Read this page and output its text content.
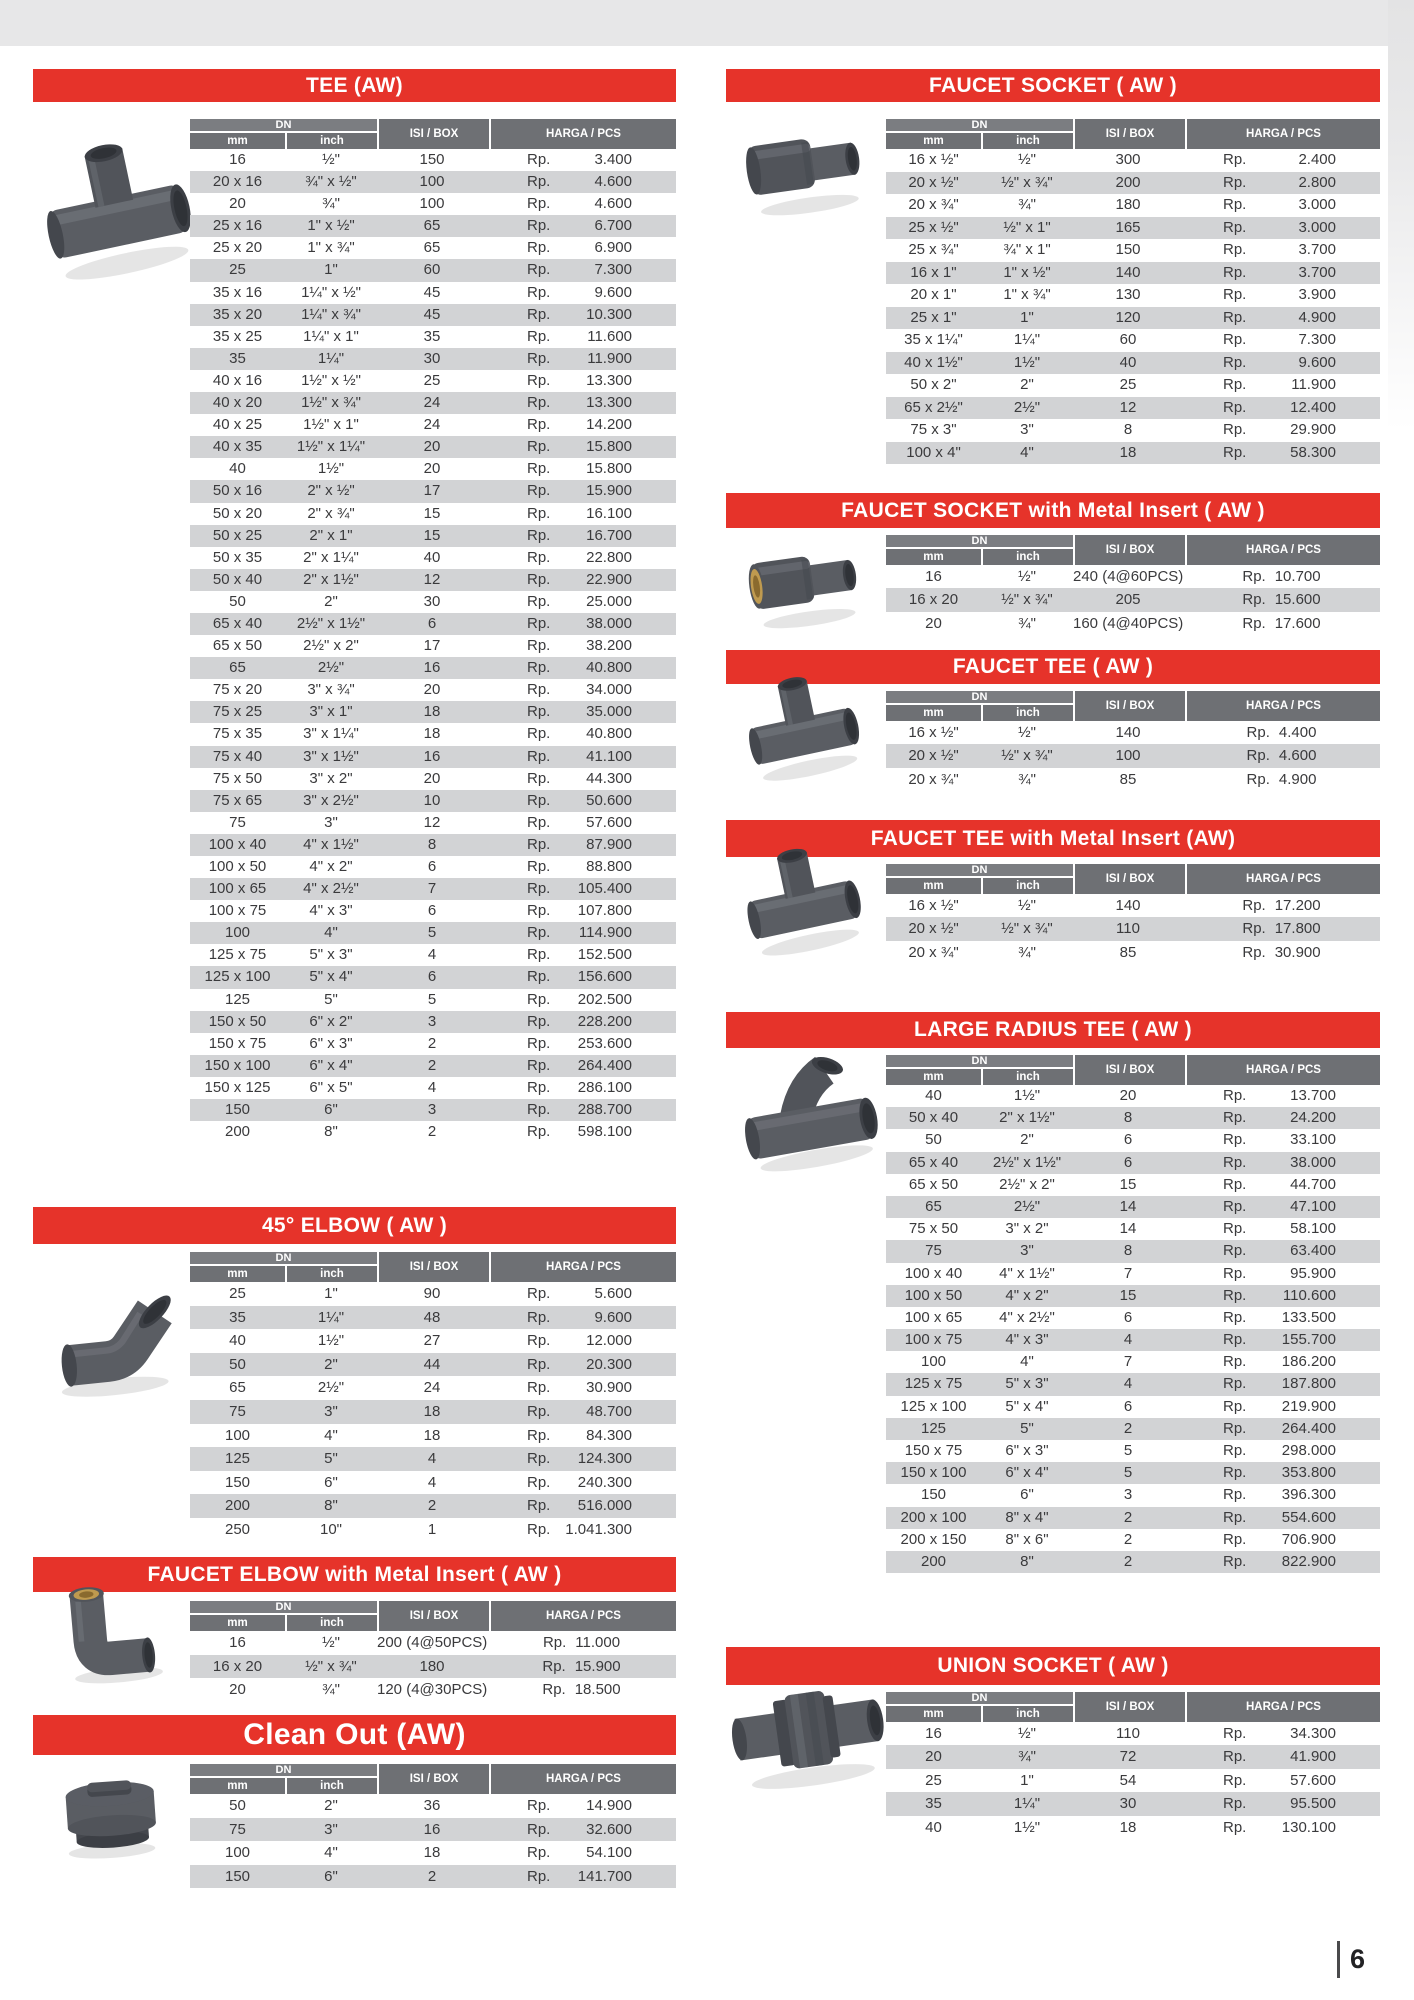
TEE (AW)
DN
mm	inch
ISI / BOX	HARGA / PCS
16	½"	150	Rp.	3.400
20 x 16	¾" x ½"	100	Rp.	4.600
20	¾"	100	Rp.	4.600
25 x 16	1" x ½"	65	Rp.	6.700
25 x 20	1" x ¾"	65	Rp.	6.900
25	1"	60	Rp.	7.300
35 x 16	1¼" x ½"	45	Rp.	9.600
35 x 20	1¼" x ¾"	45	Rp. 10.300
35 x 25	1¼" x 1"	35	Rp. 11.600
35	1¼"	30	Rp. 11.900
40 x 16	1½" x ½"	25	Rp. 13.300
40 x 20	1½" x ¾"	24	Rp. 13.300
40 x 25	1½" x 1"	24	Rp. 14.200
40 x 35	1½" x 1¼"	20	Rp. 15.800
40	1½"	20	Rp. 15.800
50 x 16	2" x ½"	17	Rp. 15.900
50 x 20	2" x ¾"	15	Rp. 16.100
50 x 25	2" x 1"	15	Rp. 16.700
50 x 35	2" x 1¼"	40	Rp. 22.800
50 x 40	2" x 1½"	12	Rp. 22.900
50	2"	30	Rp. 25.000
65 x 40	2½" x 1½"	6	Rp. 38.000
65 x 50	2½" x 2"	17	Rp. 38.200
65	2½"	16	Rp. 40.800
75 x 20	3" x ¾"	20	Rp. 34.000
75 x 25	3" x 1"	18	Rp. 35.000
75 x 35	3" x 1¼"	18	Rp. 40.800
75 x 40	3" x 1½"	16	Rp. 41.100
75 x 50	3" x 2"	20	Rp. 44.300
75 x 65	3" x 2½"	10	Rp. 50.600
75	3"	12	Rp. 57.600
100 x 40	4" x 1½"	8	Rp. 87.900
100 x 50	4" x 2"	6	Rp. 88.800
100 x 65	4" x 2½"	7	Rp. 105.400
100 x 75	4" x 3"	6	Rp. 107.800
100	4"	5	Rp. 114.900
125 x 75	5" x 3"	4	Rp. 152.500
125 x 100	5" x 4"	6	Rp. 156.600
125	5"	5	Rp. 202.500
150 x 50	6" x 2"	3	Rp. 228.200
150 x 75	6" x 3"	2	Rp. 253.600
150 x 100	6" x 4"	2	Rp. 264.400
150 x 125	6" x 5"	4	Rp. 286.100
150	6"	3	Rp. 288.700
200	8"	2	Rp. 598.100
45° ELBOW ( AW )
DN
mm	inch
ISI / BOX	HARGA / PCS
25	1"	90	Rp.	5.600
35	1¼"	48	Rp.	9.600
40	1½"	27	Rp. 12.000
50	2"	44	Rp. 20.300
65	2½"	24	Rp. 30.900
75	3"	18	Rp. 48.700
100	4"	18	Rp. 84.300
125	5"	4	Rp. 124.300
150	6"	4	Rp. 240.300
200	8"	2	Rp. 516.000
250	10"	1	Rp. 1.041.300
FAUCET ELBOW with Metal Insert ( AW )
DN
mm	inch
ISI / BOX	HARGA / PCS
16	½"	200 (4@50PCS)	Rp. 11.000
16 x 20	½" x ¾"	180	Rp. 15.900
20	¾"	120 (4@30PCS)	Rp. 18.500
Clean Out (AW)
DN
mm	inch
ISI / BOX	HARGA / PCS
50	2"	36	Rp. 14.900
75	3"	16	Rp. 32.600
100	4"	18	Rp. 54.100
150	6"	2	Rp. 141.700
FAUCET SOCKET ( AW )
DN
mm	inch
ISI / BOX	HARGA / PCS
16 x ½"	½"	300	Rp.	2.400
20 x ½"	½" x ¾"	200	Rp.	2.800
20 x ¾"	¾"	180	Rp.	3.000
25 x ½"	½" x 1"	165	Rp.	3.000
25 x ¾"	¾" x 1"	150	Rp.	3.700
16 x 1"	1" x ½"	140	Rp.	3.700
20 x 1"	1" x ¾"	130	Rp.	3.900
25 x 1"	1"	120	Rp.	4.900
35 x 1¼"	1¼"	60	Rp.	7.300
40 x 1½"	1½"	40	Rp.	9.600
50 x 2"	2"	25	Rp.	11.900
65 x 2½"	2½"	12	Rp.	12.400
75 x 3"	3"	8	Rp.	29.900
100 x 4"	4"	18	Rp.	58.300
FAUCET SOCKET with Metal Insert ( AW )
DN
mm	inch
ISI / BOX	HARGA / PCS
16	½"	240 (4@60PCS)	Rp. 10.700
16 x 20	½" x ¾"	205	Rp. 15.600
20	¾"	160 (4@40PCS)	Rp. 17.600
FAUCET TEE ( AW )
DN
mm	inch
ISI / BOX	HARGA / PCS
16 x ½"	½"	140	Rp. 4.400
20 x ½"	½" x ¾"	100	Rp. 4.600
20 x ¾"	¾"	85	Rp. 4.900
FAUCET TEE with Metal Insert (AW)
DN
mm	inch
ISI / BOX	HARGA / PCS
16 x ½"	½"	140	Rp. 17.200
20 x ½"	½" x ¾"	110	Rp. 17.800
20 x ¾"	¾"	85	Rp. 30.900
LARGE RADIUS TEE ( AW )
DN
mm	inch
ISI / BOX	HARGA / PCS
40	1½"	20	Rp.	13.700
50 x 40	2" x 1½"	8	Rp.	24.200
50	2"	6	Rp.	33.100
65 x 40	2½" x 1½"	6	Rp.	38.000
65 x 50	2½" x 2"	15	Rp.	44.700
65	2½"	14	Rp.	47.100
75 x 50	3" x 2"	14	Rp.	58.100
75	3"	8	Rp.	63.400
100 x 40	4" x 1½"	7	Rp.	95.900
100 x 50	4" x 2"	15	Rp. 110.600
100 x 65	4" x 2½"	6	Rp. 133.500
100 x 75	4" x 3"	4	Rp. 155.700
100	4"	7	Rp. 186.200
125 x 75	5" x 3"	4	Rp. 187.800
125 x 100	5" x 4"	6	Rp. 219.900
125	5"	2	Rp. 264.400
150 x 75	6" x 3"	5	Rp. 298.000
150 x 100	6" x 4"	5	Rp. 353.800
150	6"	3	Rp. 396.300
200 x 100	8" x 4"	2	Rp. 554.600
200 x 150	8" x 6"	2	Rp. 706.900
200	8"	2	Rp. 822.900
UNION SOCKET ( AW )
DN
mm	inch
ISI / BOX	HARGA / PCS
16	½"	110	Rp.	34.300
20	¾"	72	Rp.	41.900
25	1"	54	Rp.	57.600
35	1¼"	30	Rp.	95.500
40	1½"	18	Rp. 130.100
6
